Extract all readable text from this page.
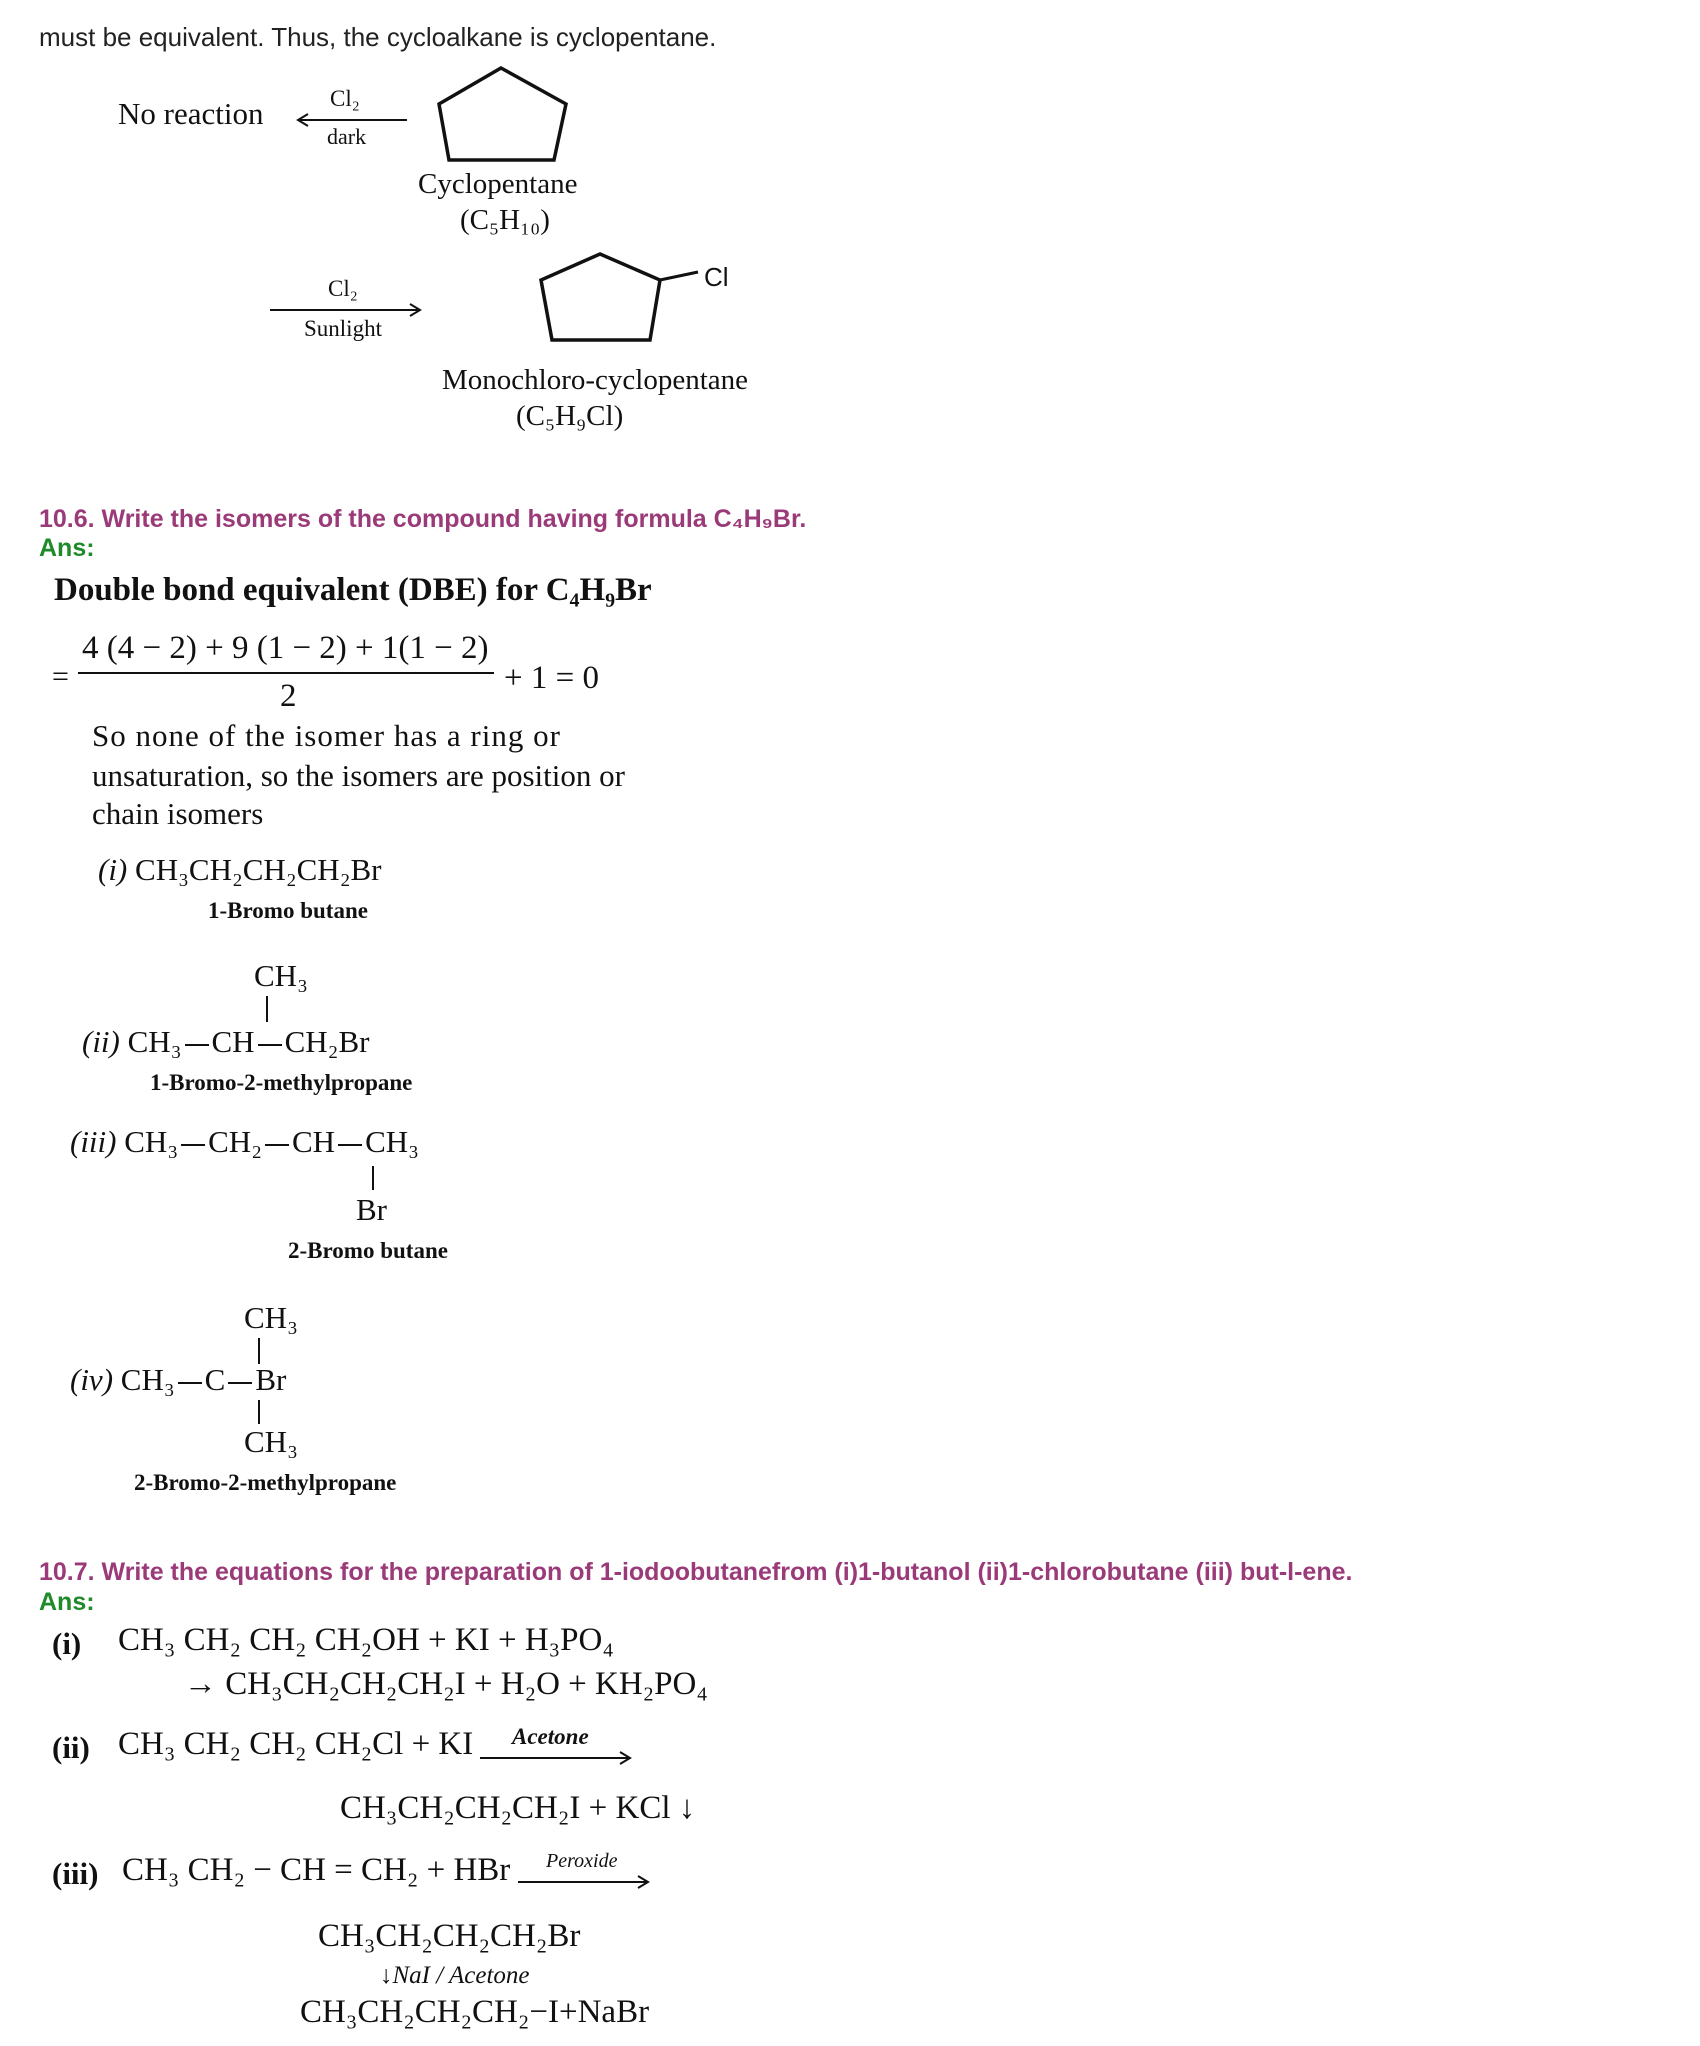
must be equivalent. Thus, the cycloalkane is cyclopentane.
No reaction	Cl₂
dark
Cyclopentane
(C₅H₁₀)
Cl₂
Sunlight
Cl
Monochloro-cyclopentane
(C₅H₉Cl)
10.6. Write the isomers of the compound having formula C₄H₉Br.
Ans:
Double bond equivalent (DBE) for C₄H₉Br
=
4 (4 − 2) + 9 (1 − 2) + 1(1 − 2)
2	+ 1 = 0
So none of the isomer has a ring or
unsaturation, so the isomers are position or
chain isomers
(i) CH₃CH₂CH₂CH₂Br
1-Bromo butane
CH₃
(ii) CH₃ CH CH₂Br
1-Bromo-2-methylpropane
(iii) CH₃ CH₂ CH CH₃
Br
2-Bromo butane
CH₃
(iv) CH₃ C Br
CH₃
2-Bromo-2-methylpropane
10.7. Write the equations for the preparation of 1-iodoobutanefrom (i)1-butanol (ii)1-chlorobutane (iii) but-l-ene.
Ans:
(i) CH₃ CH₂ CH₂ CH₂OH + KI + H₃PO₄
→ CH₃CH₂CH₂CH₂I + H₂O + KH₂PO₄
(ii) CH₃ CH₂ CH₂ CH₂Cl + KI Acetone
CH₃CH₂CH₂CH₂I + KCl ↓
(iii) CH₃ CH₂ − CH = CH₂ + HBr Peroxide
CH₃CH₂CH₂CH₂Br
↓NaI / Acetone
CH₃CH₂CH₂CH₂−I+NaBr
